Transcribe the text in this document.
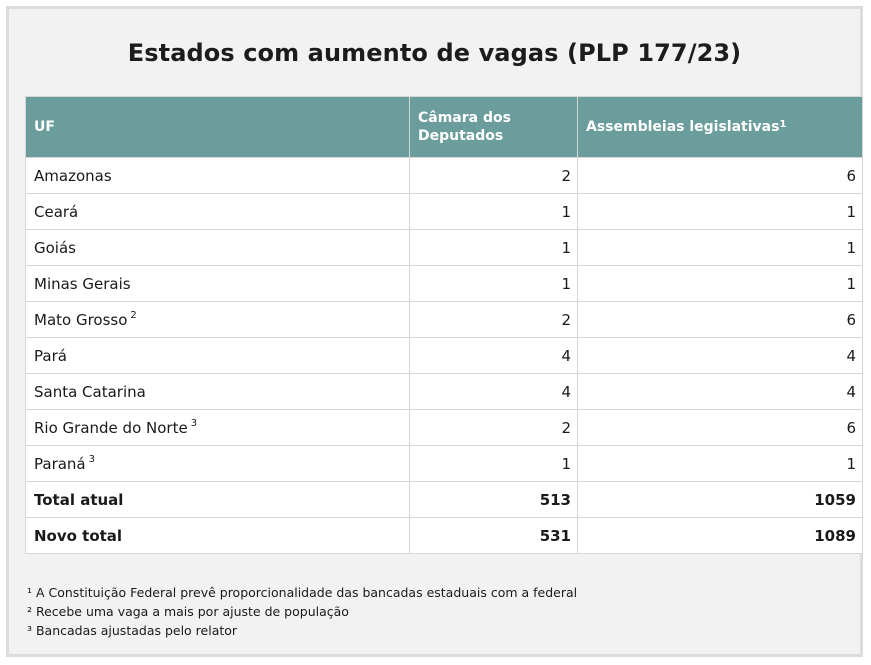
Estados com aumento de vagas (PLP 177/23)
UF	Câmara dos Deputados	Assembleias legislativas$^1$
Amazonas	2	6
Ceará	1	1
Goiás	1	1
Minas Gerais	1	1
Mato Grosso $^2$	2	6
Pará	4	4
Santa Catarina	4	4
Rio Grande do Norte $^3$	2	6
Paraná $^3$	1	1
Total atual	513	1059
Novo total	531	1089
¹ A Constituição Federal prevê proporcionalidade das bancadas estaduais com a federal
² Recebe uma vaga a mais por ajuste de população
³ Bancadas ajustadas pelo relator
